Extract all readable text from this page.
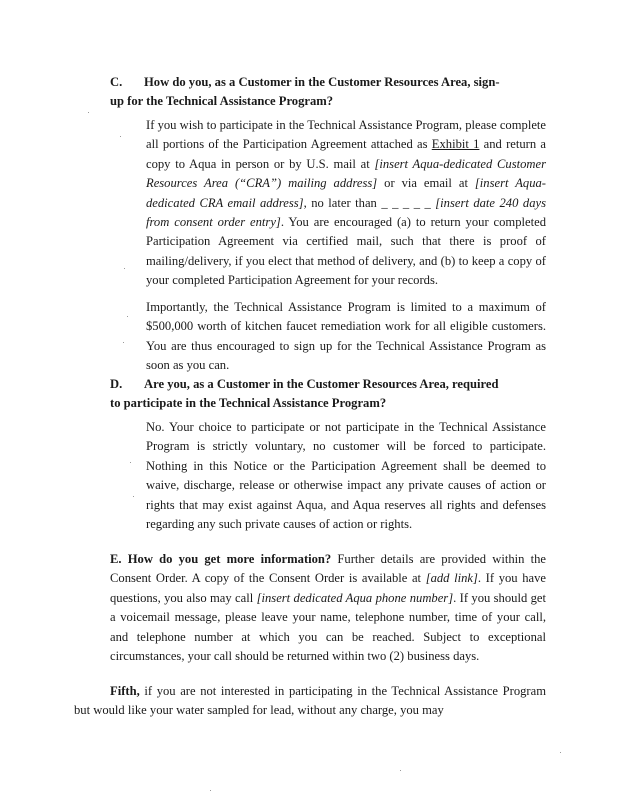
C. How do you, as a Customer in the Customer Resources Area, sign-
up for the Technical Assistance Program?

If you wish to participate in the Technical Assistance Program, please complete all portions of the Participation Agreement attached as Exhibit 1 and return a copy to Aqua in person or by U.S. mail at [insert Aqua-dedicated Customer Resources Area (“CRA”) mailing address] or via email at [insert Aqua-dedicated CRA email address], no later than _ _ _ _ _ [insert date 240 days from consent order entry]. You are encouraged (a) to return your completed Participation Agreement via certified mail, such that there is proof of mailing/delivery, if you elect that method of delivery, and (b) to keep a copy of your completed Participation Agreement for your records.

Importantly, the Technical Assistance Program is limited to a maximum of $500,000 worth of kitchen faucet remediation work for all eligible customers. You are thus encouraged to sign up for the Technical Assistance Program as soon as you can.

D. Are you, as a Customer in the Customer Resources Area, required
to participate in the Technical Assistance Program?

No. Your choice to participate or not participate in the Technical Assistance Program is strictly voluntary, no customer will be forced to participate. Nothing in this Notice or the Participation Agreement shall be deemed to waive, discharge, release or otherwise impact any private causes of action or rights that may exist against Aqua, and Aqua reserves all rights and defenses regarding any such private causes of action or rights.

E. How do you get more information? Further details are provided within the Consent Order. A copy of the Consent Order is available at [add link]. If you have questions, you also may call [insert dedicated Aqua phone number]. If you should get a voicemail message, please leave your name, telephone number, time of your call, and telephone number at which you can be reached. Subject to exceptional circumstances, your call should be returned within two (2) business days.

Fifth, if you are not interested in participating in the Technical Assistance Program but would like your water sampled for lead, without any charge, you may
